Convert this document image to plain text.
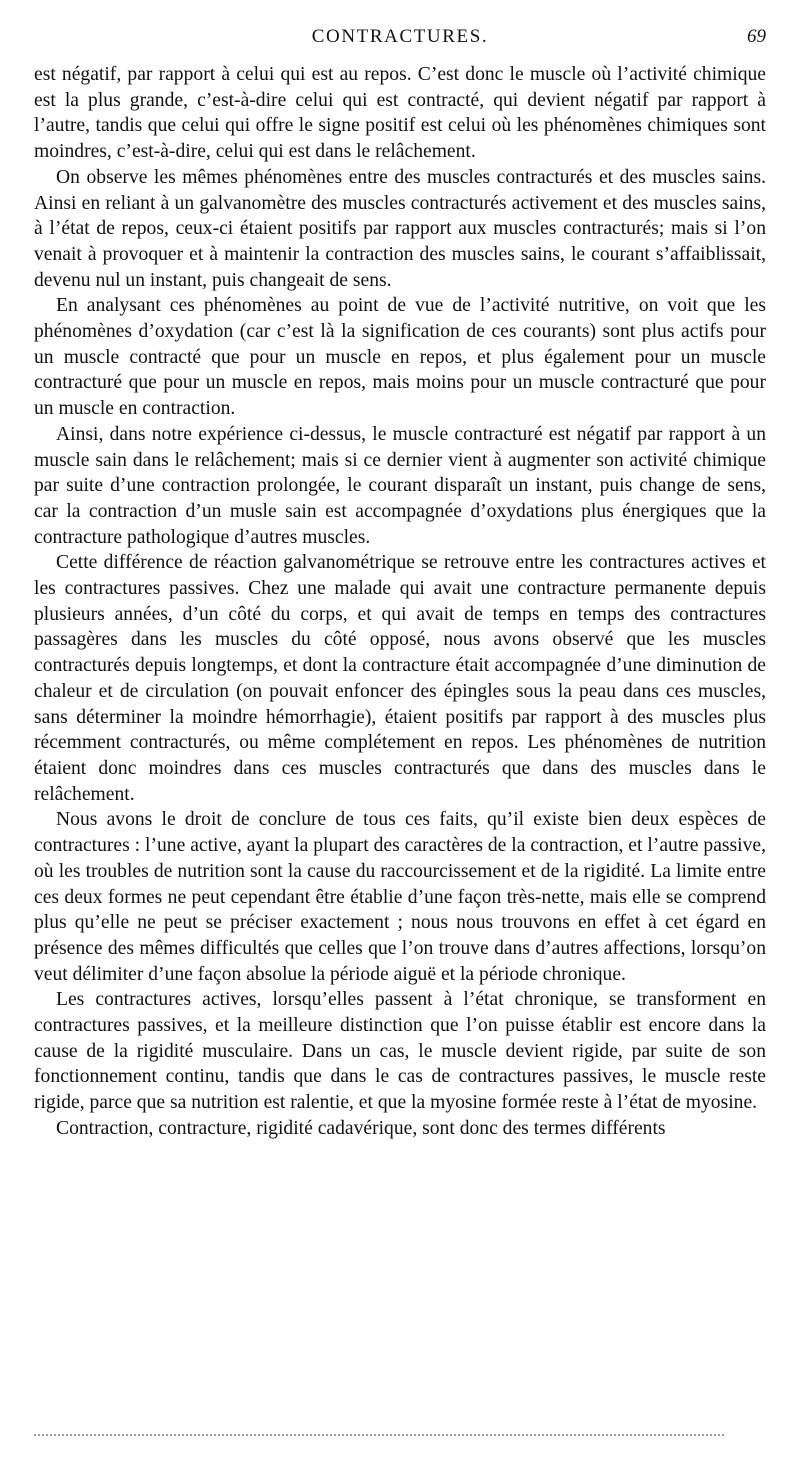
CONTRACTURES.	69

est négatif, par rapport à celui qui est au repos. C’est donc le muscle où l’activité chimique est la plus grande, c’est-à-dire celui qui est contracté, qui devient négatif par rapport à l’autre, tandis que celui qui offre le signe positif est celui où les phénomènes chimiques sont moindres, c’est-à-dire, celui qui est dans le relâchement.

On observe les mêmes phénomènes entre des muscles contracturés et des muscles sains. Ainsi en reliant à un galvanomètre des muscles contracturés activement et des muscles sains, à l’état de repos, ceux-ci étaient positifs par rapport aux muscles contracturés; mais si l’on venait à provoquer et à maintenir la contraction des muscles sains, le courant s’affaiblissait, devenu nul un instant, puis changeait de sens.

En analysant ces phénomènes au point de vue de l’activité nutritive, on voit que les phénomènes d’oxydation (car c’est là la signification de ces courants) sont plus actifs pour un muscle contracté que pour un muscle en repos, et plus également pour un muscle contracturé que pour un muscle en repos, mais moins pour un muscle contracturé que pour un muscle en contraction.

Ainsi, dans notre expérience ci-dessus, le muscle contracturé est négatif par rapport à un muscle sain dans le relâchement; mais si ce dernier vient à augmenter son activité chimique par suite d’une contraction prolongée, le courant disparaît un instant, puis change de sens, car la contraction d’un musle sain est accompagnée d’oxydations plus énergiques que la contracture pathologique d’autres muscles.

Cette différence de réaction galvanométrique se retrouve entre les contractures actives et les contractures passives. Chez une malade qui avait une contracture permanente depuis plusieurs années, d’un côté du corps, et qui avait de temps en temps des contractures passagères dans les muscles du côté opposé, nous avons observé que les muscles contracturés depuis longtemps, et dont la contracture était accompagnée d’une diminution de chaleur et de circulation (on pouvait enfoncer des épingles sous la peau dans ces muscles, sans déterminer la moindre hémorrhagie), étaient positifs par rapport à des muscles plus récemment contracturés, ou même complétement en repos. Les phénomènes de nutrition étaient donc moindres dans ces muscles contracturés que dans des muscles dans le relâchement.

Nous avons le droit de conclure de tous ces faits, qu’il existe bien deux espèces de contractures : l’une active, ayant la plupart des caractères de la contraction, et l’autre passive, où les troubles de nutrition sont la cause du raccourcissement et de la rigidité. La limite entre ces deux formes ne peut cependant être établie d’une façon très-nette, mais elle se comprend plus qu’elle ne peut se préciser exactement ; nous nous trouvons en effet à cet égard en présence des mêmes difficultés que celles que l’on trouve dans d’autres affections, lorsqu’on veut délimiter d’une façon absolue la période aiguë et la période chronique.

Les contractures actives, lorsqu’elles passent à l’état chronique, se transforment en contractures passives, et la meilleure distinction que l’on puisse établir est encore dans la cause de la rigidité musculaire. Dans un cas, le muscle devient rigide, par suite de son fonctionnement continu, tandis que dans le cas de contractures passives, le muscle reste rigide, parce que sa nutrition est ralentie, et que la myosine formée reste à l’état de myosine.

Contraction, contracture, rigidité cadavérique, sont donc des termes différents
